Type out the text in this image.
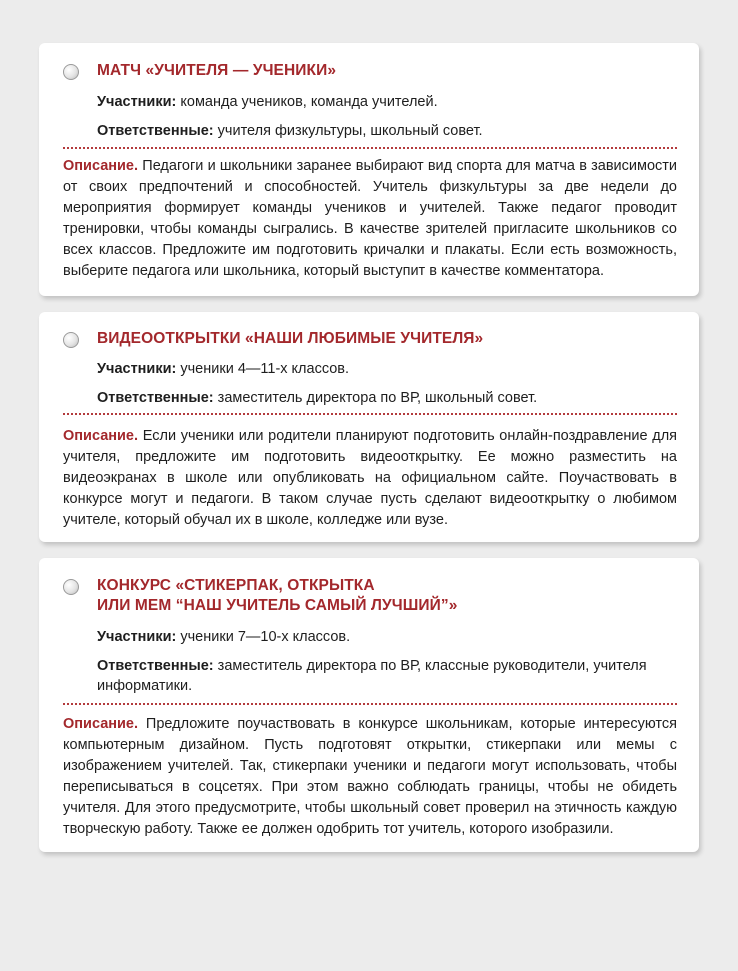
МАТЧ «УЧИТЕЛЯ — УЧЕНИКИ»
Участники: команда учеников, команда учителей.
Ответственные: учителя физкультуры, школьный совет.
Описание. Педагоги и школьники заранее выбирают вид спорта для матча в зависимости от своих предпочтений и способностей. Учитель физкультуры за две недели до мероприятия формирует команды учеников и учителей. Также педагог проводит тренировки, чтобы команды сыгрались. В качестве зрителей пригласите школьников со всех классов. Предложите им подготовить кричалки и плакаты. Если есть возможность, выберите педагога или школьника, который выступит в качестве комментатора.
ВИДЕООТКРЫТКИ «НАШИ ЛЮБИМЫЕ УЧИТЕЛЯ»
Участники: ученики 4—11-х классов.
Ответственные: заместитель директора по ВР, школьный совет.
Описание. Если ученики или родители планируют подготовить онлайн-поздравление для учителя, предложите им подготовить видеооткрытку. Ее можно разместить на видеоэкранах в школе или опубликовать на официальном сайте. Поучаствовать в конкурсе могут и педагоги. В таком случае пусть сделают видеооткрытку о любимом учителе, который обучал их в школе, колледже или вузе.
КОНКУРС «СТИКЕРПАК, ОТКРЫТКА
ИЛИ МЕМ “НАШ УЧИТЕЛЬ САМЫЙ ЛУЧШИЙ”»
Участники: ученики 7—10-х классов.
Ответственные: заместитель директора по ВР, классные руководители, учителя информатики.
Описание. Предложите поучаствовать в конкурсе школьникам, которые интересуются компьютерным дизайном. Пусть подготовят открытки, стикерпаки или мемы с изображением учителей. Так, стикерпаки ученики и педагоги могут использовать, чтобы переписываться в соцсетях. При этом важно соблюдать границы, чтобы не обидеть учителя. Для этого предусмотрите, чтобы школьный совет проверил на этичность каждую творческую работу. Также ее должен одобрить тот учитель, которого изобразили.
